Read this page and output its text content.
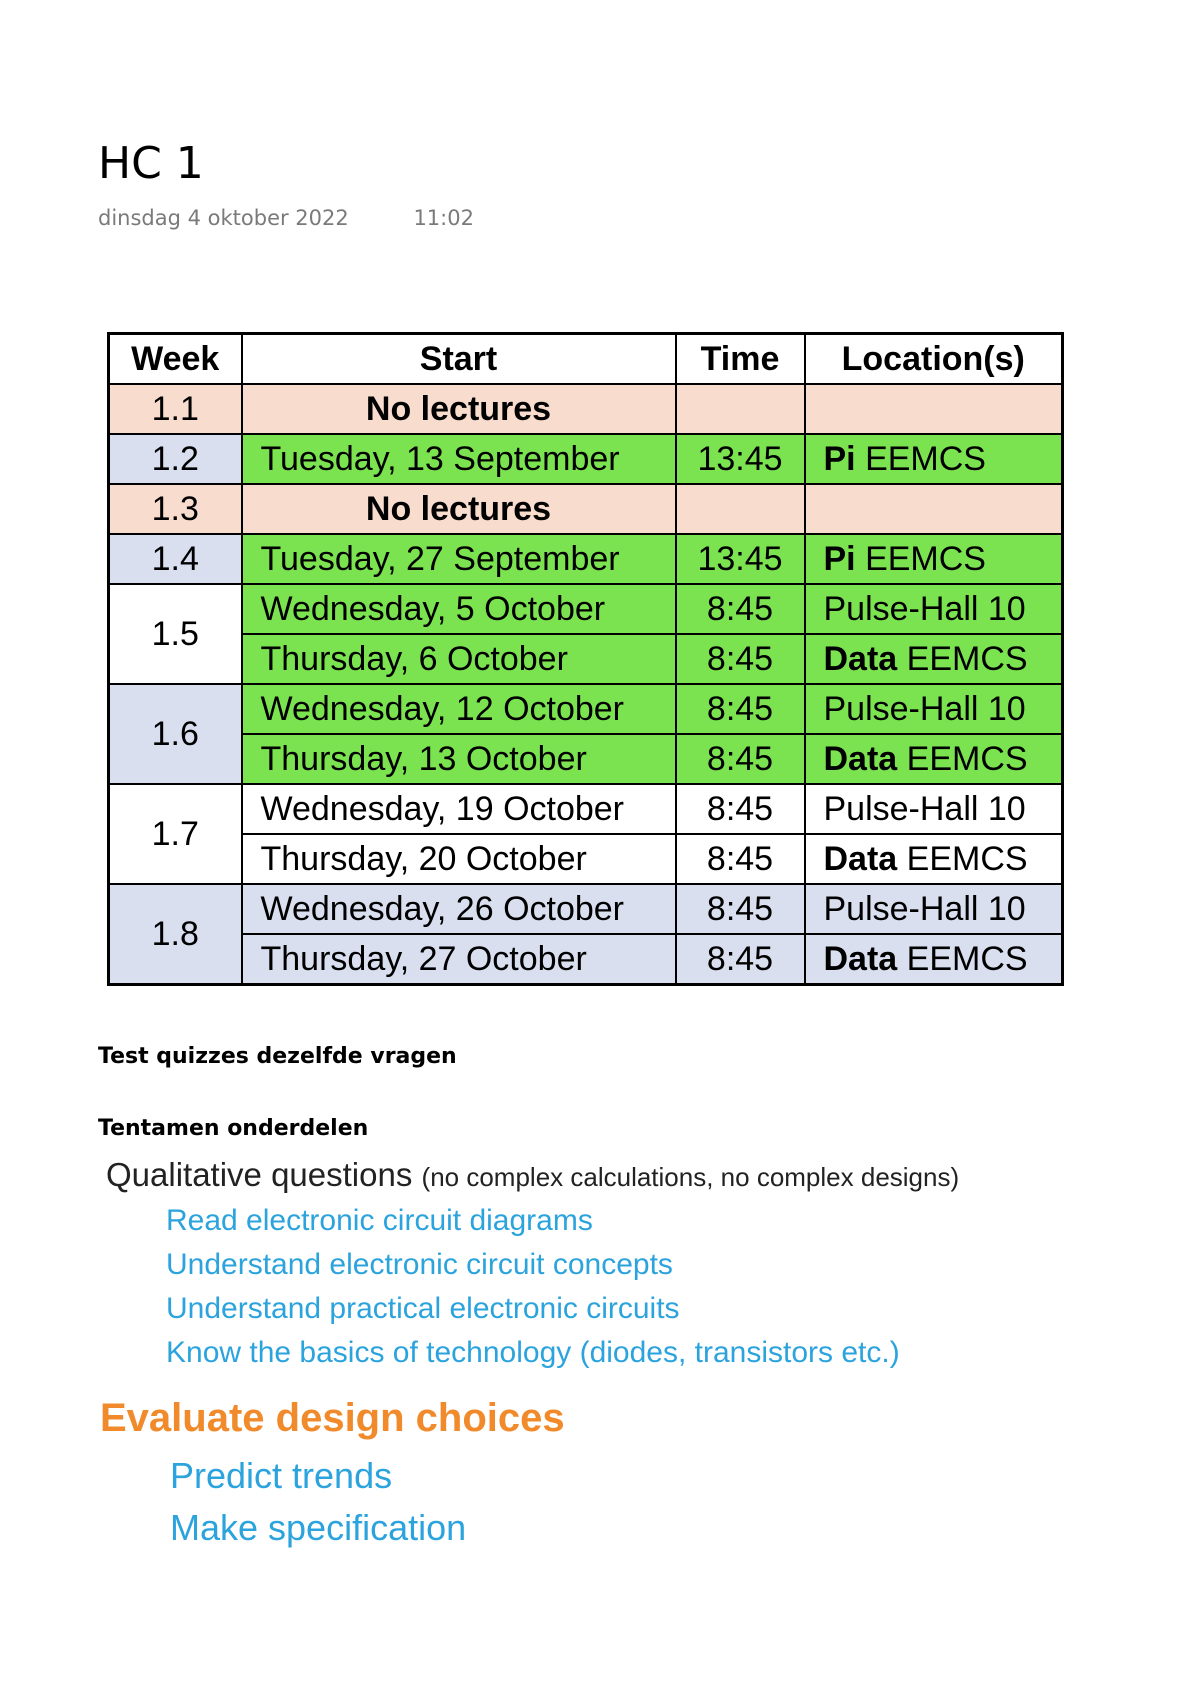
HC 1
dinsdag 4 oktober 2022	11:02
Week	Start	Time	Location(s)
1.1	No lectures		
1.2	Tuesday, 13 September	13:45	Pi EEMCS
1.3	No lectures		
1.4	Tuesday, 27 September	13:45	Pi EEMCS
1.5	Wednesday, 5 October	8:45	Pulse-Hall 10
	Thursday, 6 October	8:45	Data EEMCS
1.6	Wednesday, 12 October	8:45	Pulse-Hall 10
	Thursday, 13 October	8:45	Data EEMCS
1.7	Wednesday, 19 October	8:45	Pulse-Hall 10
	Thursday, 20 October	8:45	Data EEMCS
1.8	Wednesday, 26 October	8:45	Pulse-Hall 10
	Thursday, 27 October	8:45	Data EEMCS
Test quizzes dezelfde vragen
Tentamen onderdelen
Qualitative questions (no complex calculations, no complex designs)
Read electronic circuit diagrams
Understand electronic circuit concepts
Understand practical electronic circuits
Know the basics of technology (diodes, transistors etc.)
Evaluate design choices
Predict trends
Make specification
